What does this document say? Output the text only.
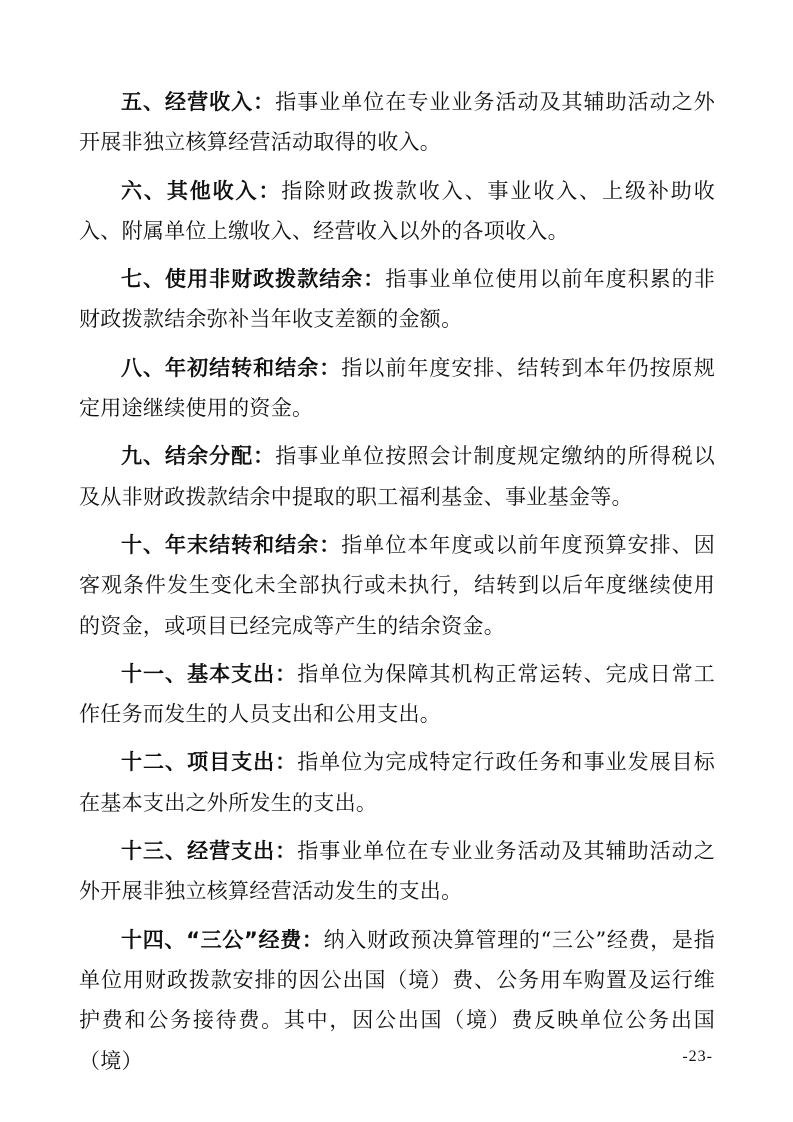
五、经营收入：指事业单位在专业业务活动及其辅助活动之外开展非独立核算经营活动取得的收入。

六、其他收入：指除财政拨款收入、事业收入、上级补助收入、附属单位上缴收入、经营收入以外的各项收入。

七、使用非财政拨款结余：指事业单位使用以前年度积累的非财政拨款结余弥补当年收支差额的金额。

八、年初结转和结余：指以前年度安排、结转到本年仍按原规定用途继续使用的资金。

九、结余分配：指事业单位按照会计制度规定缴纳的所得税以及从非财政拨款结余中提取的职工福利基金、事业基金等。

十、年末结转和结余：指单位本年度或以前年度预算安排、因客观条件发生变化未全部执行或未执行，结转到以后年度继续使用的资金，或项目已经完成等产生的结余资金。

十一、基本支出：指单位为保障其机构正常运转、完成日常工作任务而发生的人员支出和公用支出。

十二、项目支出：指单位为完成特定行政任务和事业发展目标在基本支出之外所发生的支出。

十三、经营支出：指事业单位在专业业务活动及其辅助活动之外开展非独立核算经营活动发生的支出。

十四、“三公”经费：纳入财政预决算管理的“三公”经费，是指单位用财政拨款安排的因公出国（境）费、公务用车购置及运行维护费和公务接待费。其中，因公出国（境）费反映单位公务出国（境）	-23-
